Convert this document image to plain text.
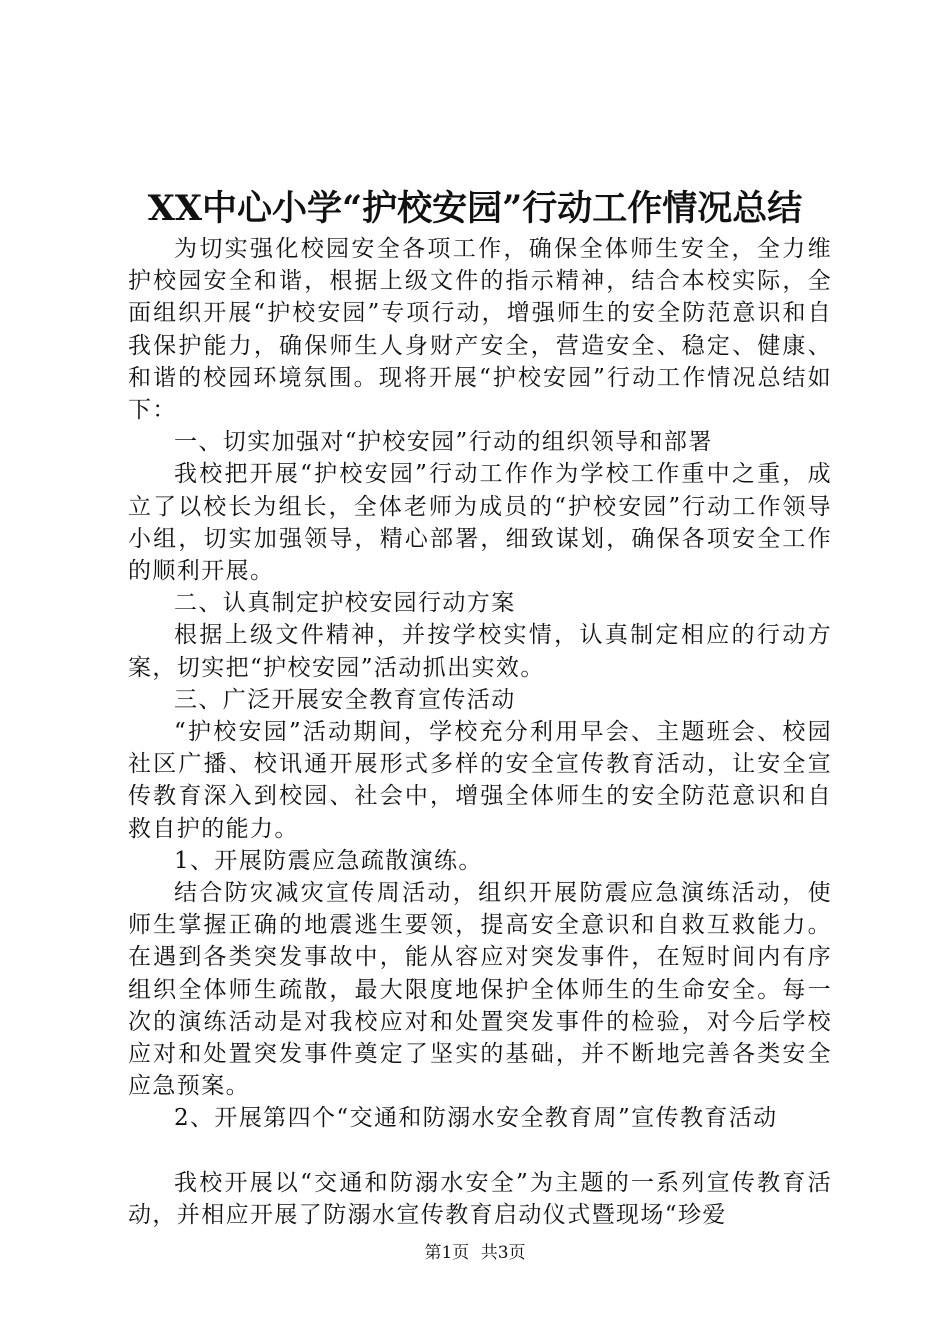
XX中心小学“护校安园”行动工作情况总结

为切实强化校园安全各项工作，确保全体师生安全，全力维护校园安全和谐，根据上级文件的指示精神，结合本校实际，全面组织开展“护校安园”专项行动，增强师生的安全防范意识和自我保护能力，确保师生人身财产安全，营造安全、稳定、健康、和谐的校园环境氛围。现将开展“护校安园”行动工作情况总结如下：

一、切实加强对“护校安园”行动的组织领导和部署

我校把开展“护校安园”行动工作作为学校工作重中之重，成立了以校长为组长，全体老师为成员的“护校安园”行动工作领导小组，切实加强领导，精心部署，细致谋划，确保各项安全工作的顺利开展。

二、认真制定护校安园行动方案

根据上级文件精神，并按学校实情，认真制定相应的行动方案，切实把“护校安园”活动抓出实效。

三、广泛开展安全教育宣传活动

“护校安园”活动期间，学校充分利用早会、主题班会、校园社区广播、校讯通开展形式多样的安全宣传教育活动，让安全宣传教育深入到校园、社会中，增强全体师生的安全防范意识和自救自护的能力。

1、开展防震应急疏散演练。

结合防灾减灾宣传周活动，组织开展防震应急演练活动，使师生掌握正确的地震逃生要领，提高安全意识和自救互救能力。在遇到各类突发事故中，能从容应对突发事件，在短时间内有序组织全体师生疏散，最大限度地保护全体师生的生命安全。每一次的演练活动是对我校应对和处置突发事件的检验，对今后学校应对和处置突发事件奠定了坚实的基础，并不断地完善各类安全应急预案。

2、开展第四个“交通和防溺水安全教育周”宣传教育活动

我校开展以“交通和防溺水安全”为主题的一系列宣传教育活动，并相应开展了防溺水宣传教育启动仪式暨现场“珍爱

第1页 共3页
